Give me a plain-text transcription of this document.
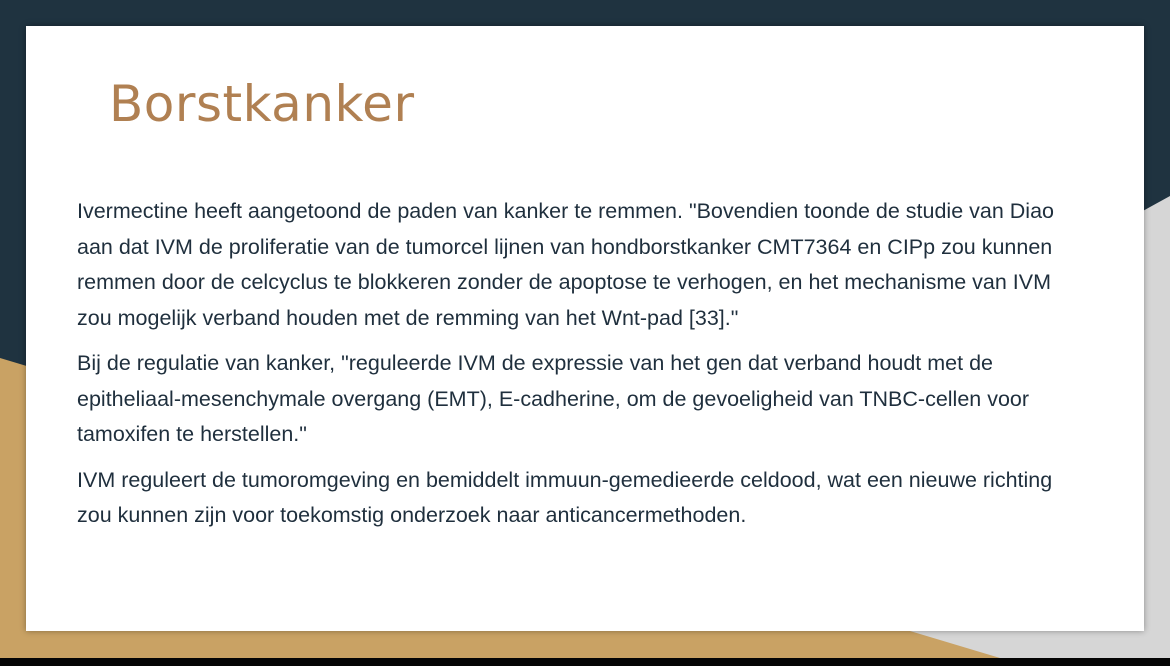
Borstkanker

Ivermectine heeft aangetoond de paden van kanker te remmen. "Bovendien toonde de studie van Diao aan dat IVM de proliferatie van de tumorcel lijnen van hondborstkanker CMT7364 en CIPp zou kunnen remmen door de celcyclus te blokkeren zonder de apoptose te verhogen, en het mechanisme van IVM zou mogelijk verband houden met de remming van het Wnt-pad [33]."

Bij de regulatie van kanker, "reguleerde IVM de expressie van het gen dat verband houdt met de epitheliaal-mesenchymale overgang (EMT), E-cadherine, om de gevoeligheid van TNBC-cellen voor tamoxifen te herstellen."

IVM reguleert de tumoromgeving en bemiddelt immuun-gemedieerde celdood, wat een nieuwe richting zou kunnen zijn voor toekomstig onderzoek naar anticancermethoden.
